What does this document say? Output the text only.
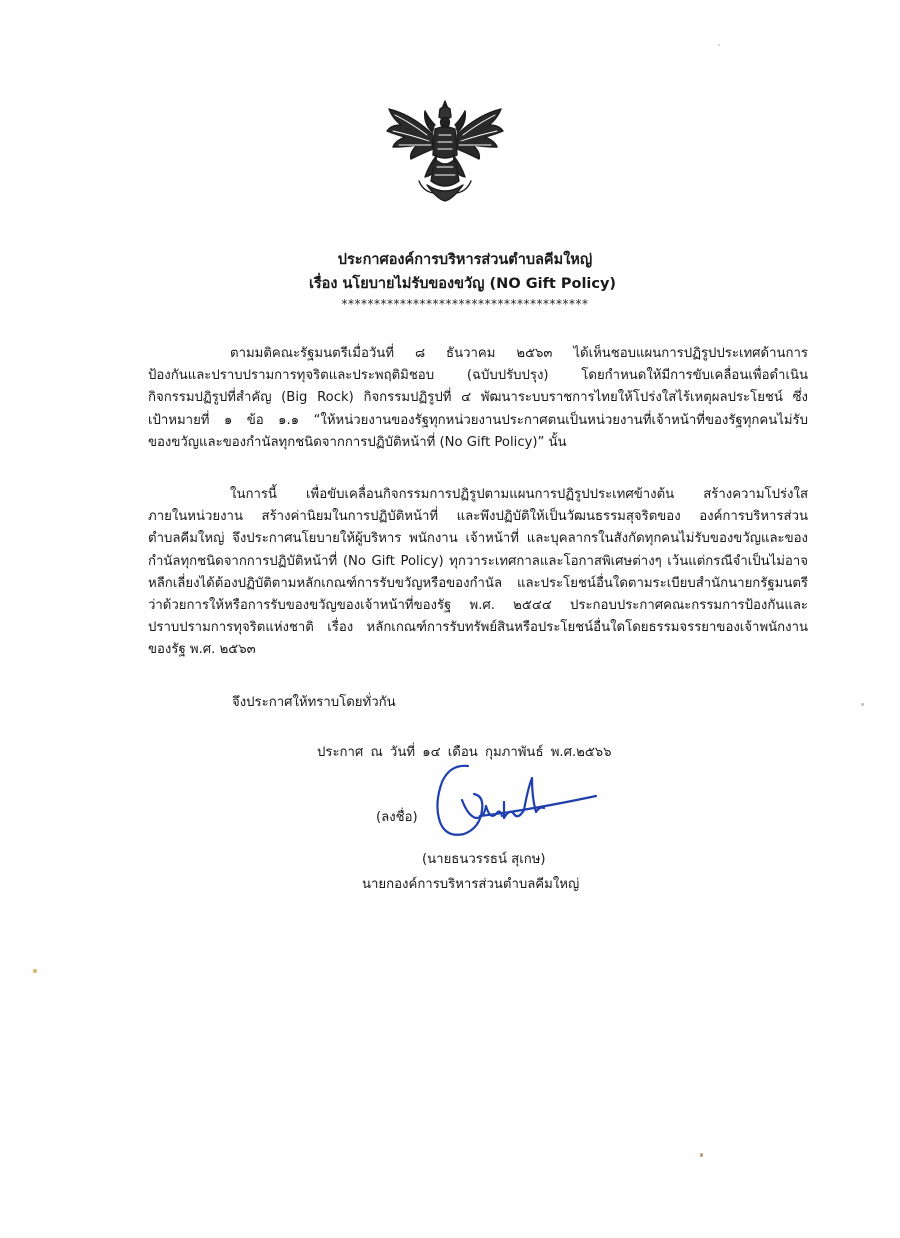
ประกาศองค์การบริหารส่วนตำบลคีมใหญ่
เรื่อง นโยบายไม่รับของขวัญ (NO Gift Policy)
**************************************
ตามมติคณะรัฐมนตรีเมื่อวันที่ ๘ ธันวาคม ๒๕๖๓ ได้เห็นชอบแผนการปฏิรูปประเทศด้านการ
ป้องกันและปราบปรามการทุจริตและประพฤติมิชอบ (ฉบับปรับปรุง) โดยกำหนดให้มีการขับเคลื่อนเพื่อดำเนิน
กิจกรรมปฏิรูปที่สำคัญ (Big Rock) กิจกรรมปฏิรูปที่ ๔ พัฒนาระบบราชการไทยให้โปร่งใสไร้เหตุผลประโยชน์ ซึ่ง
เป้าหมายที่ ๑ ข้อ ๑.๑ “ให้หน่วยงานของรัฐทุกหน่วยงานประกาศตนเป็นหน่วยงานที่เจ้าหน้าที่ของรัฐทุกคนไม่รับ
ของขวัญและของกำนัลทุกชนิดจากการปฏิบัติหน้าที่ (No Gift Policy)” นั้น
ในการนี้ เพื่อขับเคลื่อนกิจกรรมการปฏิรูปตามแผนการปฏิรูปประเทศข้างต้น สร้างความโปร่งใส
ภายในหน่วยงาน สร้างค่านิยมในการปฏิบัติหน้าที่ และพึงปฏิบัติให้เป็นวัฒนธรรมสุจริตของ องค์การบริหารส่วน
ตำบลคีมใหญ่ จึงประกาศนโยบายให้ผู้บริหาร พนักงาน เจ้าหน้าที่ และบุคลากรในสังกัดทุกคนไม่รับของขวัญและของ
กำนัลทุกชนิดจากการปฏิบัติหน้าที่ (No Gift Policy) ทุกวาระเทศกาลและโอกาสพิเศษต่างๆ เว้นแต่กรณีจำเป็นไม่อาจ
หลีกเลี่ยงได้ต้องปฏิบัติตามหลักเกณฑ์การรับขวัญหรือของกำนัล และประโยชน์อื่นใดตามระเบียบสำนักนายกรัฐมนตรี
ว่าด้วยการให้หรือการรับของขวัญของเจ้าหน้าที่ของรัฐ พ.ศ. ๒๕๔๔ ประกอบประกาศคณะกรรมการป้องกันและ
ปราบปรามการทุจริตแห่งชาติ เรื่อง หลักเกณฑ์การรับทรัพย์สินหรือประโยชน์อื่นใดโดยธรรมจรรยาของเจ้าพนักงาน
ของรัฐ พ.ศ. ๒๕๖๓
จึงประกาศให้ทราบโดยทั่วกัน
ประกาศ ณ วันที่ ๑๔ เดือน กุมภาพันธ์ พ.ศ.๒๕๖๖
(ลงชื่อ)
(นายธนวรรธน์ สุเกษ)
นายกองค์การบริหารส่วนตำบลคีมใหญ่
